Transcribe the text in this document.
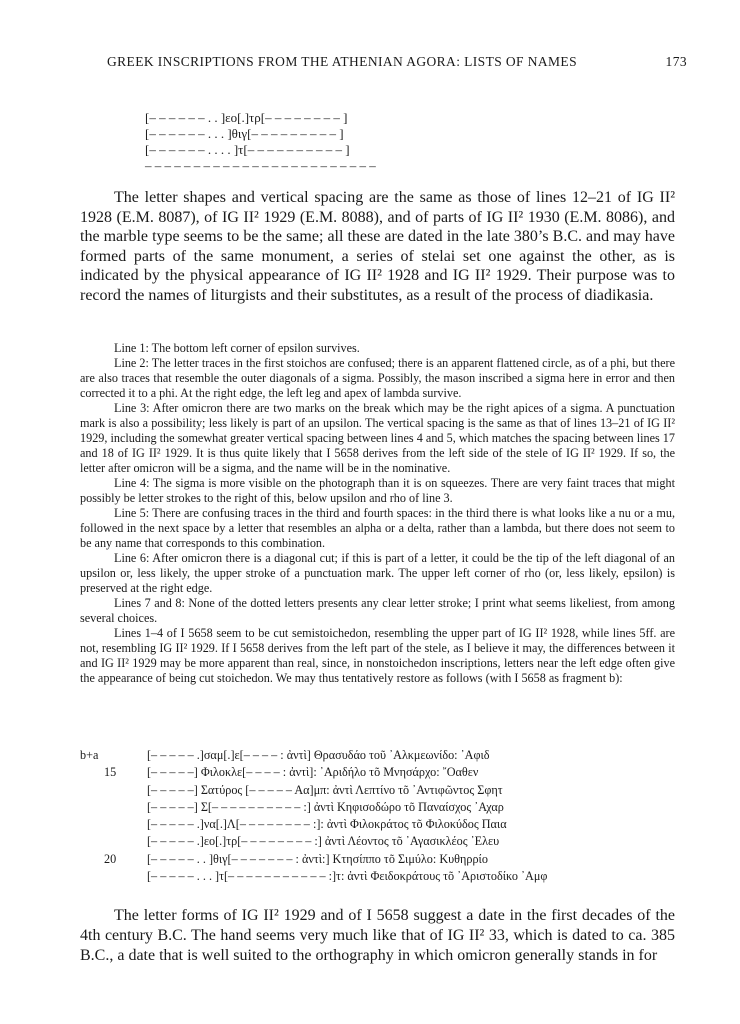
GREEK INSCRIPTIONS FROM THE ATHENIAN AGORA: LISTS OF NAMES	173
[– – – – – – . . ]εο[.]τρ[– – – – – – – – ]
[– – – – – – . . . ]θιγ[– – – – – – – – – ]
[– – – – – – . . . . ]τ[– – – – – – – – – – ]
– – – – – – – – – – – – – – – – – – – – – – – –
The letter shapes and vertical spacing are the same as those of lines 12–21 of IG II² 1928 (E.M. 8087), of IG II² 1929 (E.M. 8088), and of parts of IG II² 1930 (E.M. 8086), and the marble type seems to be the same; all these are dated in the late 380’s B.C. and may have formed parts of the same monument, a series of stelai set one against the other, as is indicated by the physical appearance of IG II² 1928 and IG II² 1929. Their purpose was to record the names of liturgists and their substitutes, as a result of the process of diadikasia.

Line 1: The bottom left corner of epsilon survives.

Line 2: The letter traces in the first stoichos are confused; there is an apparent flattened circle, as of a phi, but there are also traces that resemble the outer diagonals of a sigma. Possibly, the mason inscribed a sigma here in error and then corrected it to a phi. At the right edge, the left leg and apex of lambda survive.

Line 3: After omicron there are two marks on the break which may be the right apices of a sigma. A punctuation mark is also a possibility; less likely is part of an upsilon. The vertical spacing is the same as that of lines 13–21 of IG II² 1929, including the somewhat greater vertical spacing between lines 4 and 5, which matches the spacing between lines 17 and 18 of IG II² 1929. It is thus quite likely that I 5658 derives from the left side of the stele of IG II² 1929. If so, the letter after omicron will be a sigma, and the name will be in the nominative.

Line 4: The sigma is more visible on the photograph than it is on squeezes. There are very faint traces that might possibly be letter strokes to the right of this, below upsilon and rho of line 3.

Line 5: There are confusing traces in the third and fourth spaces: in the third there is what looks like a nu or a mu, followed in the next space by a letter that resembles an alpha or a delta, rather than a lambda, but there does not seem to be any name that corresponds to this combination.

Line 6: After omicron there is a diagonal cut; if this is part of a letter, it could be the tip of the left diagonal of an upsilon or, less likely, the upper stroke of a punctuation mark. The upper left corner of rho (or, less likely, epsilon) is preserved at the right edge.

Lines 7 and 8: None of the dotted letters presents any clear letter stroke; I print what seems likeliest, from among several choices.

Lines 1–4 of I 5658 seem to be cut semistoichedon, resembling the upper part of IG II² 1928, while lines 5ff. are not, resembling IG II² 1929. If I 5658 derives from the left part of the stele, as I believe it may, the differences between it and IG II² 1929 may be more apparent than real, since, in nonstoichedon inscriptions, letters near the left edge often give the appearance of being cut stoichedon. We may thus tentatively restore as follows (with I 5658 as fragment b):

b+a	[– – – – – .]σαμ[.]ε[– – – – : ἀντὶ] Θρασυδάο τοῦ ᾿Αλκμεωνίδο: ᾿Αφιδ
15	[– – – – –] Φιλοκλε[– – – – : ἀντὶ]: ᾿Αριδήλο τõ Μνησάρχο: ῎Οαθεν
[– – – – –] Σατύρος [– – – – – Αα]μπ: ἀντὶ Λεπτίνο τõ ᾿Αντιφῶντος Σφητ
[– – – – –] Σ[– – – – – – – – – – :] ἀντὶ Κηφισοδώρο τõ Παναίσχος ᾿Αχαρ
[– – – – – .]να[.]Λ[– – – – – – – – :]: ἀντὶ Φιλοκράτος τõ Φιλοκύδος Παια
[– – – – – .]εο[.]τρ[– – – – – – – – :] ἀντὶ Λέοντος τõ ᾿Αγασικλέος ᾿Ελευ
20	[– – – – – . . ]θιγ[– – – – – – – : ἀντὶ:] Κτησίππο τõ Σιμύλο: Κυθηρρίο
[– – – – – . . . ]τ[– – – – – – – – – – – :]τ: ἀντὶ Φειδοκράτους τõ ᾿Αριστοδίκο ᾿Αμφ
The letter forms of IG II² 1929 and of I 5658 suggest a date in the first decades of the 4th century B.C. The hand seems very much like that of IG II² 33, which is dated to ca. 385 B.C., a date that is well suited to the orthography in which omicron generally stands in for
